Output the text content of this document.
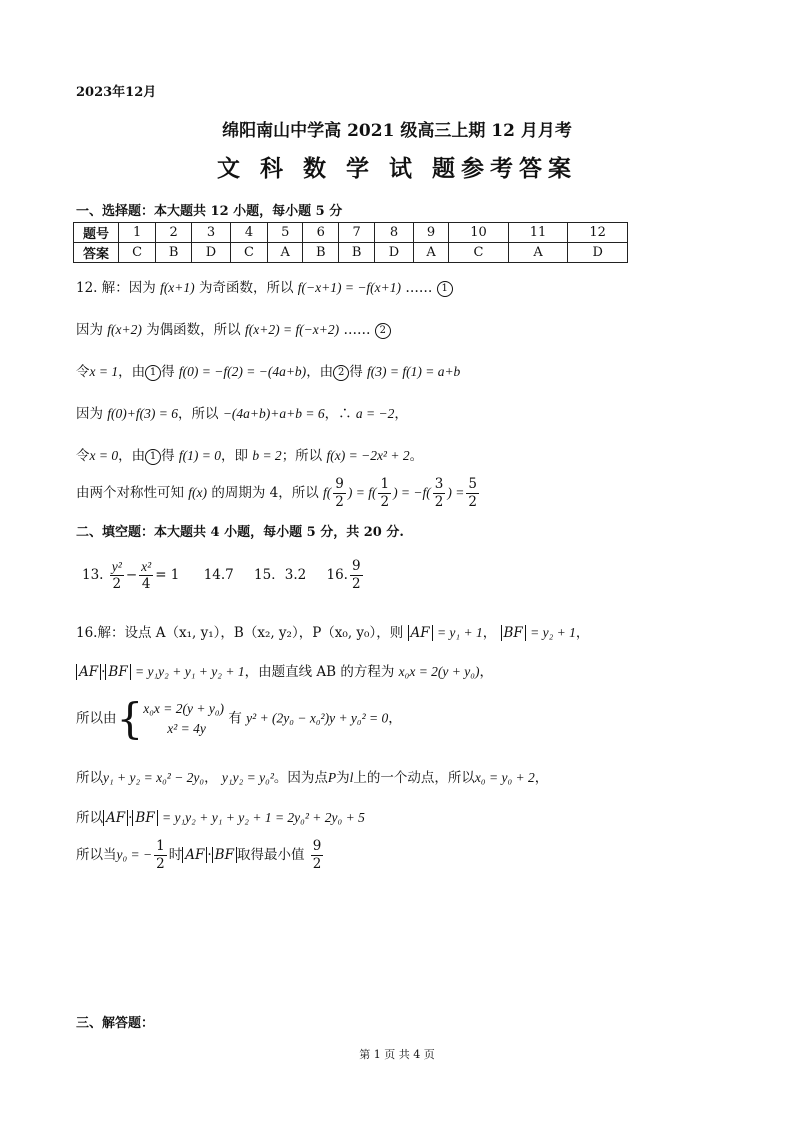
2023年12月
绵阳南山中学高 2021 级高三上期 12 月月考
文 科 数 学 试 题参考答案
一、选择题：本大题共 12 小题，每小题 5 分
题号	1	2	3	4	5	6	7	8	9	10	11	12
答案	C	B	D	C	A	B	B	D	A	C	A	D
12. 解：因为 f(x+1) 为奇函数，所以 f(−x+1) = −f(x+1) …… 1
因为 f(x+2) 为偶函数，所以 f(x+2) = f(−x+2) …… 2
令x = 1，由 1 得 f(0) = −f(2) = −(4a+b)，由 2 得 f(3) = f(1) = a+b
因为 f(0)+f(3) = 6，所以 −(4a+b)+a+b = 6，∴ a = −2，
令x = 0，由 1 得 f(1) = 0，即 b = 2；所以 f(x) = −2x² + 2。
由两个对称性可知 f(x) 的周期为 4，所以 $f( \frac{9}{2}$ ) = $f( \frac{1}{2}$ ) = $-f( \frac{3}{2}$ ) = $\frac{5}{2}$
二、填空题：本大题共 4 小题，每小题 5 分，共 20 分.
13. $\frac{\text{y²}}{2} - \frac{\text{x²}}{4} = 1$ 14.7 15．3.2 16. $\frac{9}{2}$
16.解：设点 A（x₁, y₁），B（x₂, y₂），P（x₀, y₀），则 AF = y₁ + 1， BF = y₂ + 1，
AF · BF = y₁y₂ + y₁ + y₂ + 1，由题直线 AB 的方程为 x₀x = 2(y + y₀)，
所以由{ x₀x = 2(y + y₀)
x² = 4y
有 y² + (2y₀ − x₀²)y + y₀² = 0，
所以y₁ + y₂ = x₀² − 2y₀， y₁y₂ = y₀²。因为点P为l上的一个动点，所以x₀ = y₀ + 2，
所以 AF · BF = y₁y₂ + y₁ + y₂ + 1 = 2y₀² + 2y₀ + 5
所以当y₀ = − $\frac{1}{2}$ 时 AF · BF 取得最小值 $\frac{9}{2}$
三、解答题：
第 1 页 共 4 页
